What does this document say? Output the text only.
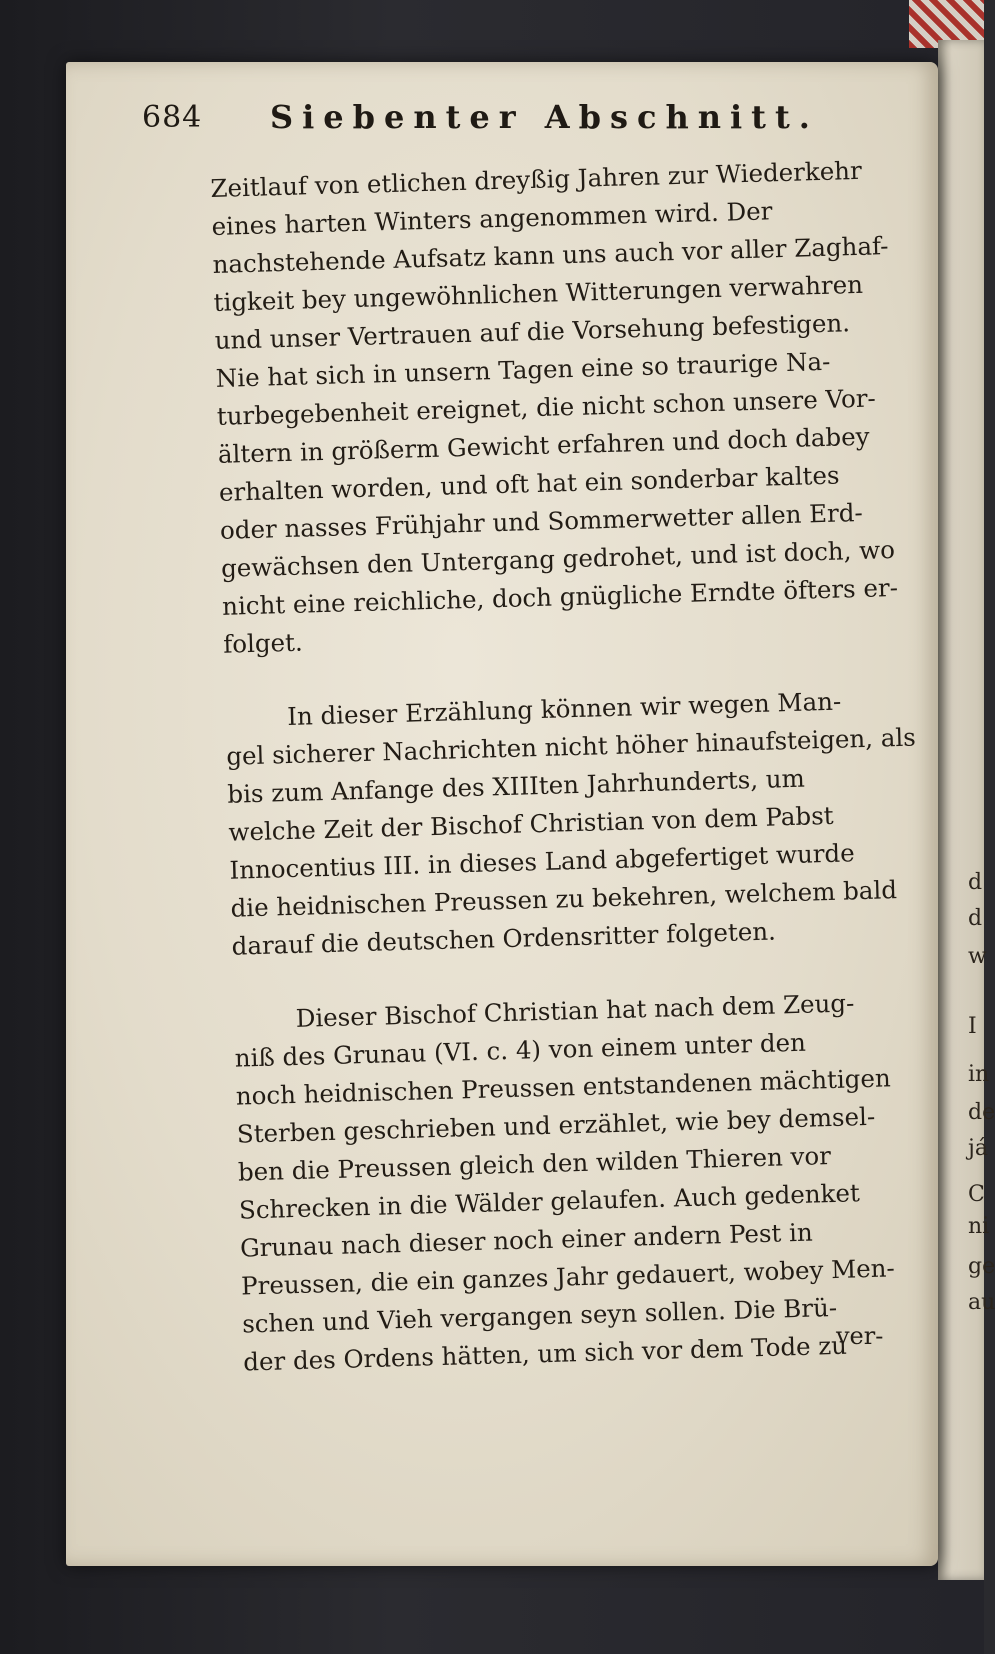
d
d
w
I
in
de
já
C
ni
ge
au
684 Siebenter Abschnitt.
Zeitlauf von etlichen dreyßig Jahren zur Wiederkehr
eines harten Winters angenommen wird. Der
nachstehende Aufsatz kann uns auch vor aller Zaghaf-
tigkeit bey ungewöhnlichen Witterungen verwahren
und unser Vertrauen auf die Vorsehung befestigen.
Nie hat sich in unsern Tagen eine so traurige Na-
turbegebenheit ereignet, die nicht schon unsere Vor-
ältern in größerm Gewicht erfahren und doch dabey
erhalten worden, und oft hat ein sonderbar kaltes
oder nasses Frühjahr und Sommerwetter allen Erd-
gewächsen den Untergang gedrohet, und ist doch, wo
nicht eine reichliche, doch gnügliche Erndte öfters er-
folget.
In dieser Erzählung können wir wegen Man-
gel sicherer Nachrichten nicht höher hinaufsteigen, als
bis zum Anfange des XIIIten Jahrhunderts, um
welche Zeit der Bischof Christian von dem Pabst
Innocentius III. in dieses Land abgefertiget wurde
die heidnischen Preussen zu bekehren, welchem bald
darauf die deutschen Ordensritter folgeten.
Dieser Bischof Christian hat nach dem Zeug-
niß des Grunau (VI. c. 4) von einem unter den
noch heidnischen Preussen entstandenen mächtigen
Sterben geschrieben und erzählet, wie bey demsel-
ben die Preussen gleich den wilden Thieren vor
Schrecken in die Wälder gelaufen. Auch gedenket
Grunau nach dieser noch einer andern Pest in
Preussen, die ein ganzes Jahr gedauert, wobey Men-
schen und Vieh vergangen seyn sollen. Die Brü-
der des Ordens hätten, um sich vor dem Tode zu
ver-
